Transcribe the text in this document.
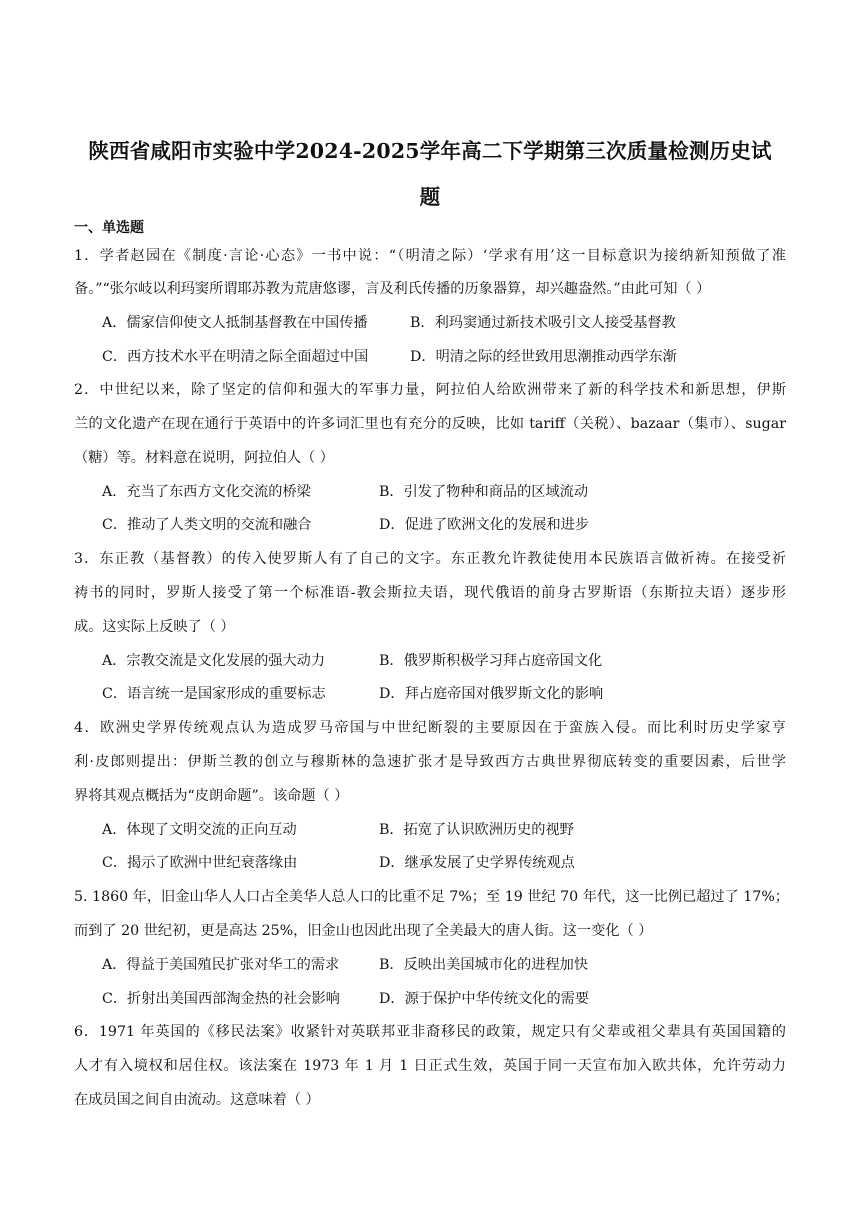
陕西省咸阳市实验中学2024-2025学年高二下学期第三次质量检测历史试
题
一、单选题
1．学者赵园在《制度·言论·心态》一书中说：“（明清之际）‘学求有用’这一目标意识为接纳新知预做了准
备。”“张尔岐以利玛窦所谓耶苏教为荒唐悠谬，言及利氏传播的历象器算，却兴趣盎然。”由此可知（ ）
A．儒家信仰使文人抵制基督教在中国传播	B．利玛窦通过新技术吸引文人接受基督教
C．西方技术水平在明清之际全面超过中国	D．明清之际的经世致用思潮推动西学东渐
2．中世纪以来，除了坚定的信仰和强大的军事力量，阿拉伯人给欧洲带来了新的科学技术和新思想，伊斯
兰的文化遗产在现在通行于英语中的许多词汇里也有充分的反映，比如 tariff（关税）、bazaar（集市）、sugar
（糖）等。材料意在说明，阿拉伯人（ ）
A．充当了东西方文化交流的桥梁	B．引发了物种和商品的区域流动
C．推动了人类文明的交流和融合	D．促进了欧洲文化的发展和进步
3．东正教（基督教）的传入使罗斯人有了自己的文字。东正教允许教徒使用本民族语言做祈祷。在接受祈
祷书的同时，罗斯人接受了第一个标准语-教会斯拉夫语，现代俄语的前身古罗斯语（东斯拉夫语）逐步形
成。这实际上反映了（ ）
A．宗教交流是文化发展的强大动力	B．俄罗斯积极学习拜占庭帝国文化
C．语言统一是国家形成的重要标志	D．拜占庭帝国对俄罗斯文化的影响
4．欧洲史学界传统观点认为造成罗马帝国与中世纪断裂的主要原因在于蛮族入侵。而比利时历史学家亨
利·皮郎则提出：伊斯兰教的创立与穆斯林的急速扩张才是导致西方古典世界彻底转变的重要因素，后世学
界将其观点概括为“皮朗命题”。该命题（ ）
A．体现了文明交流的正向互动	B．拓宽了认识欧洲历史的视野
C．揭示了欧洲中世纪衰落缘由	D．继承发展了史学界传统观点
5. 1860 年，旧金山华人人口占全美华人总人口的比重不足 7%；至 19 世纪 70 年代，这一比例已超过了 17%；
而到了 20 世纪初，更是高达 25%，旧金山也因此出现了全美最大的唐人街。这一变化（ ）
A．得益于美国殖民扩张对华工的需求	B．反映出美国城市化的进程加快
C．折射出美国西部淘金热的社会影响	D．源于保护中华传统文化的需要
6．1971 年英国的《移民法案》收紧针对英联邦亚非裔移民的政策，规定只有父辈或祖父辈具有英国国籍的
人才有入境权和居住权。该法案在 1973 年 1 月 1 日正式生效，英国于同一天宣布加入欧共体，允许劳动力
在成员国之间自由流动。这意味着（ ）
